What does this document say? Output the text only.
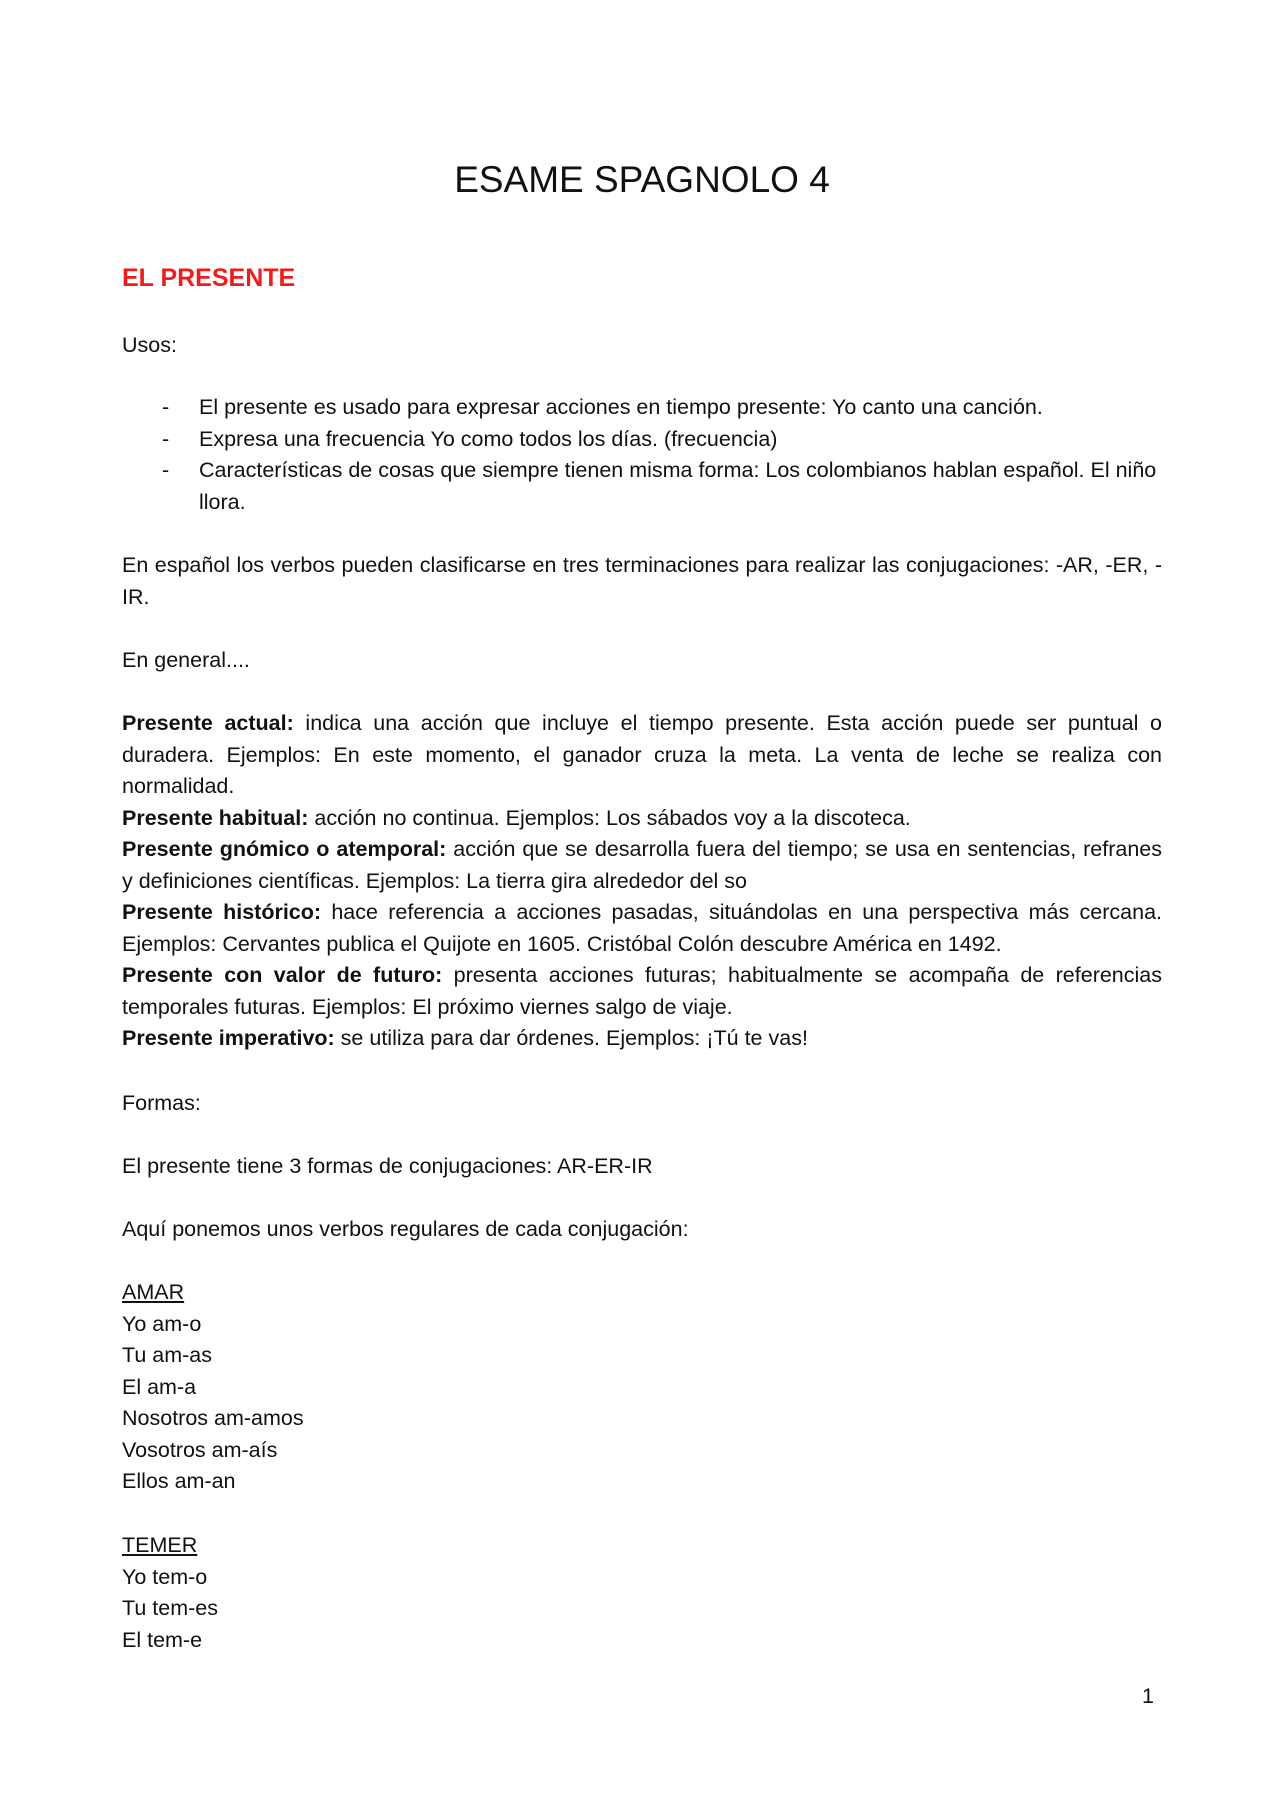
ESAME SPAGNOLO 4
EL PRESENTE

Usos:

- El presente es usado para expresar acciones en tiempo presente: Yo canto una canción.
- Expresa una frecuencia Yo como todos los días. (frecuencia)
- Características de cosas que siempre tienen misma forma: Los colombianos hablan español. El niño llora.

En español los verbos pueden clasificarse en tres terminaciones para realizar las conjugaciones: -AR, -ER, -IR.

En general....

Presente actual: indica una acción que incluye el tiempo presente. Esta acción puede ser puntual o duradera. Ejemplos: En este momento, el ganador cruza la meta. La venta de leche se realiza con normalidad.

Presente habitual: acción no continua. Ejemplos: Los sábados voy a la discoteca.

Presente gnómico o atemporal: acción que se desarrolla fuera del tiempo; se usa en sentencias, refranes y definiciones científicas. Ejemplos: La tierra gira alrededor del so

Presente histórico: hace referencia a acciones pasadas, situándolas en una perspectiva más cercana. Ejemplos: Cervantes publica el Quijote en 1605. Cristóbal Colón descubre América en 1492.

Presente con valor de futuro: presenta acciones futuras; habitualmente se acompaña de referencias temporales futuras. Ejemplos: El próximo viernes salgo de viaje.

Presente imperativo: se utiliza para dar órdenes. Ejemplos: ¡Tú te vas!

Formas:

El presente tiene 3 formas de conjugaciones: AR-ER-IR

Aquí ponemos unos verbos regulares de cada conjugación:

AMAR
Yo am-o
Tu am-as
El am-a
Nosotros am-amos
Vosotros am-aís
Ellos am-an
TEMER
Yo tem-o
Tu tem-es
El tem-e
1
